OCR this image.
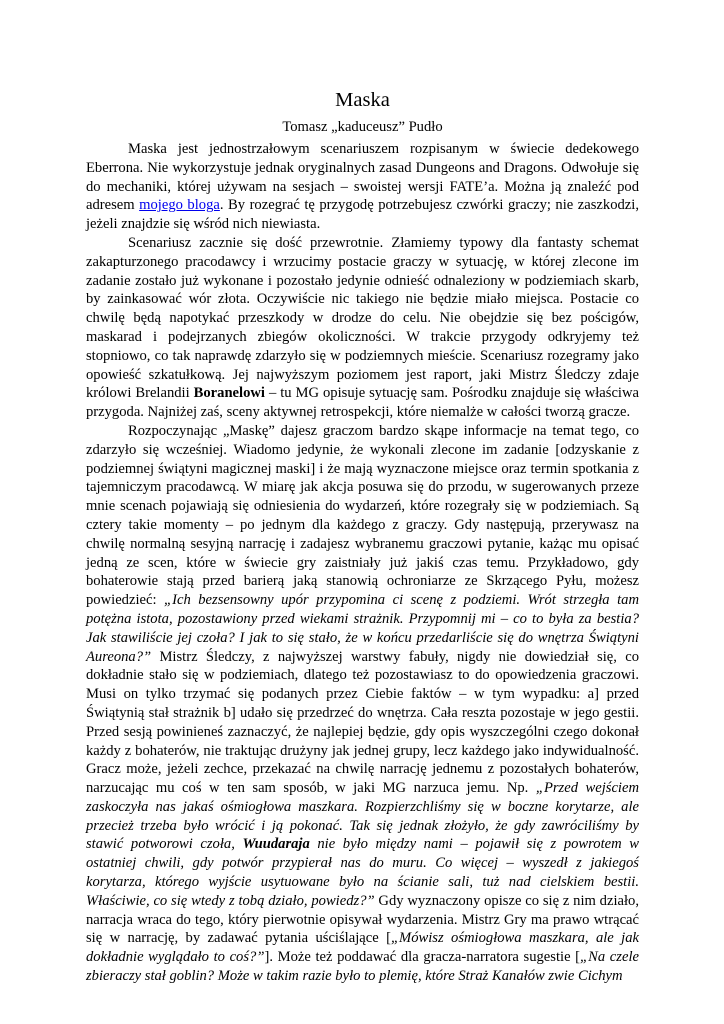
Maska
Tomasz „kaduceusz” Pudło

Maska jest jednostrzałowym scenariuszem rozpisanym w świecie dedekowego Eberrona. Nie wykorzystuje jednak oryginalnych zasad Dungeons and Dragons. Odwołuje się do mechaniki, której używam na sesjach – swoistej wersji FATE’a. Można ją znaleźć pod adresem mojego bloga. By rozegrać tę przygodę potrzebujesz czwórki graczy; nie zaszkodzi, jeżeli znajdzie się wśród nich niewiasta.

Scenariusz zacznie się dość przewrotnie. Złamiemy typowy dla fantasty schemat zakapturzonego pracodawcy i wrzucimy postacie graczy w sytuację, w której zlecone im zadanie zostało już wykonane i pozostało jedynie odnieść odnaleziony w podziemiach skarb, by zainkasować wór złota. Oczywiście nic takiego nie będzie miało miejsca. Postacie co chwilę będą napotykać przeszkody w drodze do celu. Nie obejdzie się bez pościgów, maskarad i podejrzanych zbiegów okoliczności. W trakcie przygody odkryjemy też stopniowo, co tak naprawdę zdarzyło się w podziemnych mieście. Scenariusz rozegramy jako opowieść szkatułkową. Jej najwyższym poziomem jest raport, jaki Mistrz Śledczy zdaje królowi Brelandii Boranelowi – tu MG opisuje sytuację sam. Pośrodku znajduje się właściwa przygoda. Najniżej zaś, sceny aktywnej retrospekcji, które niemalże w całości tworzą gracze.

Rozpoczynając „Maskę” dajesz graczom bardzo skąpe informacje na temat tego, co zdarzyło się wcześniej. Wiadomo jedynie, że wykonali zlecone im zadanie [odzyskanie z podziemnej świątyni magicznej maski] i że mają wyznaczone miejsce oraz termin spotkania z tajemniczym pracodawcą. W miarę jak akcja posuwa się do przodu, w sugerowanych przeze mnie scenach pojawiają się odniesienia do wydarzeń, które rozegrały się w podziemiach. Są cztery takie momenty – po jednym dla każdego z graczy. Gdy następują, przerywasz na chwilę normalną sesyjną narrację i zadajesz wybranemu graczowi pytanie, każąc mu opisać jedną ze scen, które w świecie gry zaistniały już jakiś czas temu. Przykładowo, gdy bohaterowie stają przed barierą jaką stanowią ochroniarze ze Skrzącego Pyłu, możesz powiedzieć: „Ich bezsensowny upór przypomina ci scenę z podziemi. Wrót strzegła tam potężna istota, pozostawiony przed wiekami strażnik. Przypomnij mi – co to była za bestia? Jak stawiliście jej czoła? I jak to się stało, że w końcu przedarliście się do wnętrza Świątyni Aureona?” Mistrz Śledczy, z najwyższej warstwy fabuły, nigdy nie dowiedział się, co dokładnie stało się w podziemiach, dlatego też pozostawiasz to do opowiedzenia graczowi. Musi on tylko trzymać się podanych przez Ciebie faktów – w tym wypadku: a] przed Świątynią stał strażnik b] udało się przedrzeć do wnętrza. Cała reszta pozostaje w jego gestii. Przed sesją powinieneś zaznaczyć, że najlepiej będzie, gdy opis wyszczególni czego dokonał każdy z bohaterów, nie traktując drużyny jak jednej grupy, lecz każdego jako indywidualność. Gracz może, jeżeli zechce, przekazać na chwilę narrację jednemu z pozostałych bohaterów, narzucając mu coś w ten sam sposób, w jaki MG narzuca jemu. Np. „Przed wejściem zaskoczyła nas jakaś ośmiogłowa maszkara. Rozpierzchliśmy się w boczne korytarze, ale przecież trzeba było wrócić i ją pokonać. Tak się jednak złożyło, że gdy zawróciliśmy by stawić potworowi czoła, Wuudaraja nie było między nami – pojawił się z powrotem w ostatniej chwili, gdy potwór przypierał nas do muru. Co więcej – wyszedł z jakiegoś korytarza, którego wyjście usytuowane było na ścianie sali, tuż nad cielskiem bestii. Właściwie, co się wtedy z tobą działo, powiedz?” Gdy wyznaczony opisze co się z nim działo, narracja wraca do tego, który pierwotnie opisywał wydarzenia. Mistrz Gry ma prawo wtrącać się w narrację, by zadawać pytania uściślające [„Mówisz ośmiogłowa maszkara, ale jak dokładnie wyglądało to coś?”]. Może też poddawać dla gracza-narratora sugestie [„Na czele zbieraczy stał goblin? Może w takim razie było to plemię, które Straż Kanałów zwie Cichym
